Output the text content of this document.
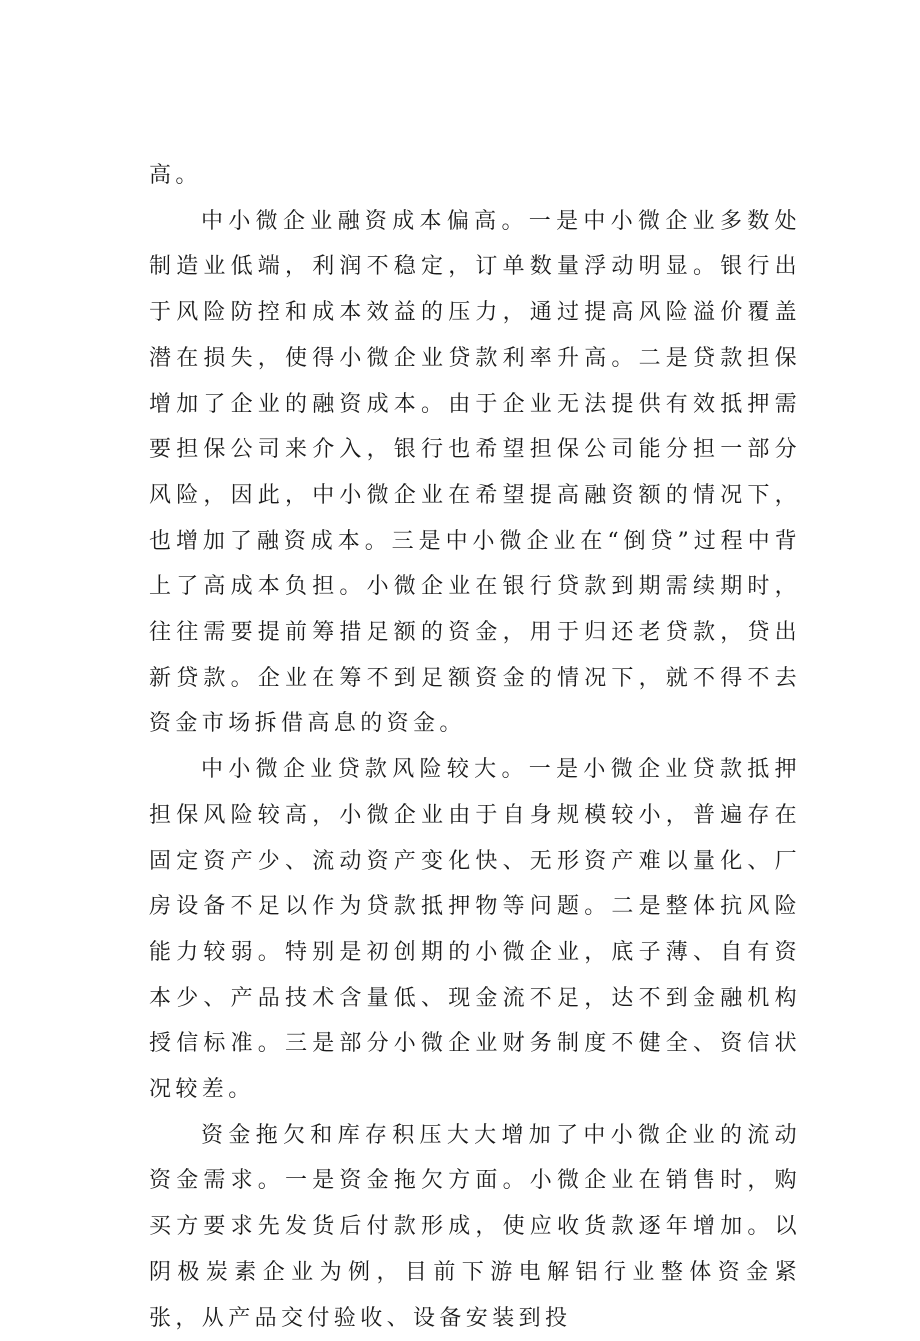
高。

中小微企业融资成本偏高。一是中小微企业多数处制造业低端，利润不稳定，订单数量浮动明显。银行出于风险防控和成本效益的压力，通过提高风险溢价覆盖潜在损失，使得小微企业贷款利率升高。二是贷款担保增加了企业的融资成本。由于企业无法提供有效抵押需要担保公司来介入，银行也希望担保公司能分担一部分风险，因此，中小微企业在希望提高融资额的情况下，也增加了融资成本。三是中小微企业在“倒贷”过程中背上了高成本负担。小微企业在银行贷款到期需续期时，往往需要提前筹措足额的资金，用于归还老贷款，贷出新贷款。企业在筹不到足额资金的情况下，就不得不去资金市场拆借高息的资金。

中小微企业贷款风险较大。一是小微企业贷款抵押担保风险较高，小微企业由于自身规模较小，普遍存在固定资产少、流动资产变化快、无形资产难以量化、厂房设备不足以作为贷款抵押物等问题。二是整体抗风险能力较弱。特别是初创期的小微企业，底子薄、自有资本少、产品技术含量低、现金流不足，达不到金融机构授信标准。三是部分小微企业财务制度不健全、资信状况较差。

资金拖欠和库存积压大大增加了中小微企业的流动资金需求。一是资金拖欠方面。小微企业在销售时，购买方要求先发货后付款形成，使应收货款逐年增加。以阴极炭素企业为例，目前下游电解铝行业整体资金紧张，从产品交付验收、设备安装到投
